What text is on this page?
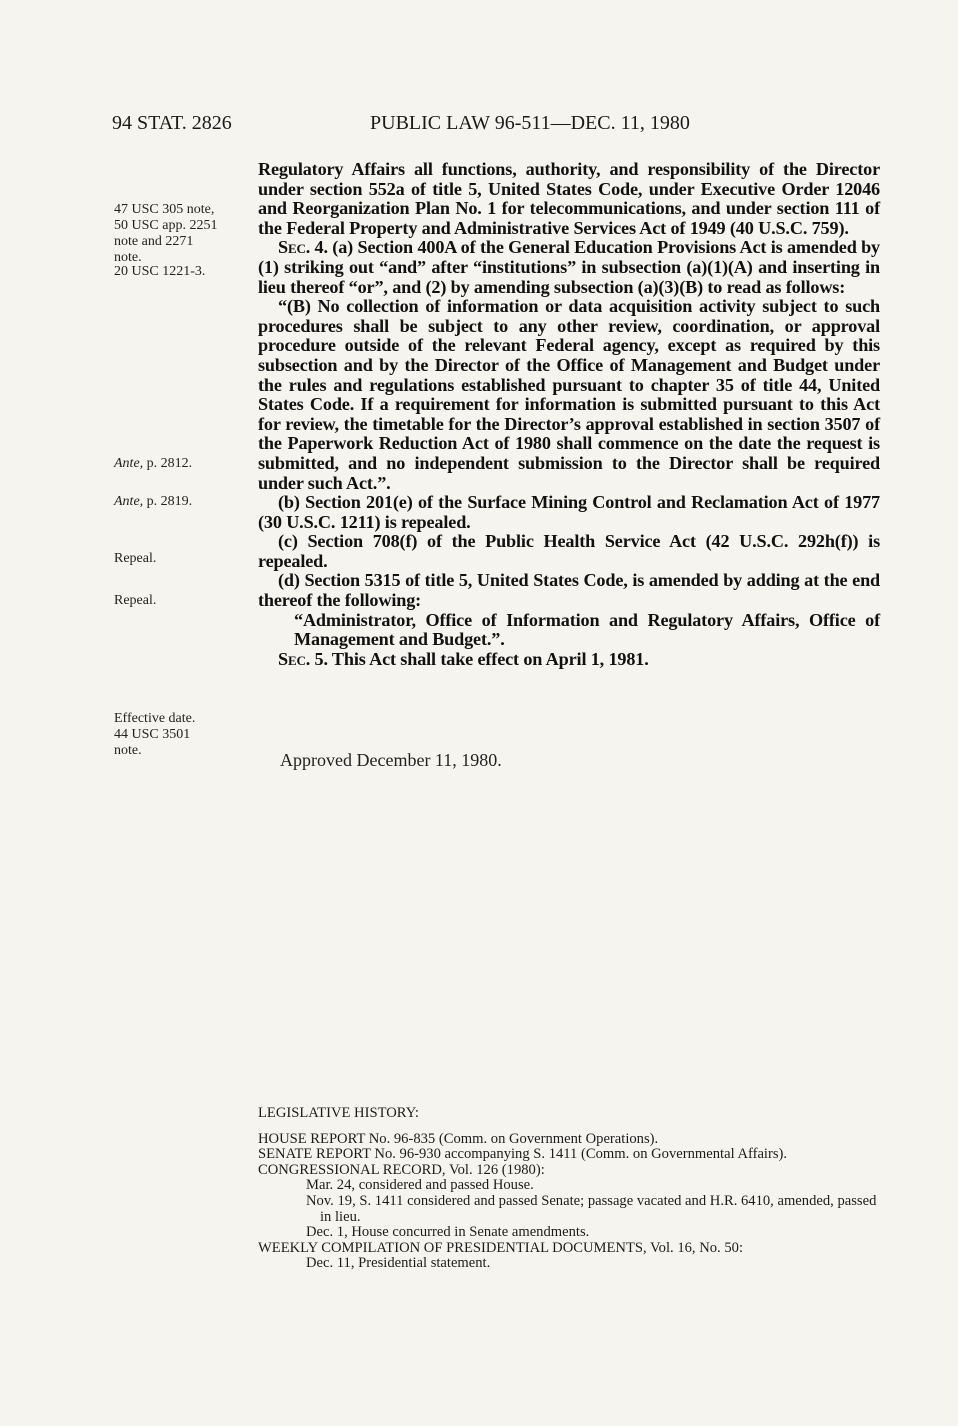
94 STAT. 2826	PUBLIC LAW 96-511—DEC. 11, 1980
47 USC 305 note,
50 USC app. 2251
note and 2271
note.
20 USC 1221-3.
Ante, p. 2812.
Ante, p. 2819.
Repeal.
Repeal.
Effective date.
44 USC 3501
note.

Regulatory Affairs all functions, authority, and responsibility of the Director under section 552a of title 5, United States Code, under Executive Order 12046 and Reorganization Plan No. 1 for telecommunications, and under section 111 of the Federal Property and Administrative Services Act of 1949 (40 U.S.C. 759).

Sec. 4. (a) Section 400A of the General Education Provisions Act is amended by (1) striking out “and” after “institutions” in subsection (a)(1)(A) and inserting in lieu thereof “or”, and (2) by amending subsection (a)(3)(B) to read as follows:

“(B) No collection of information or data acquisition activity subject to such procedures shall be subject to any other review, coordination, or approval procedure outside of the relevant Federal agency, except as required by this subsection and by the Director of the Office of Management and Budget under the rules and regulations established pursuant to chapter 35 of title 44, United States Code. If a requirement for information is submitted pursuant to this Act for review, the timetable for the Director’s approval established in section 3507 of the Paperwork Reduction Act of 1980 shall commence on the date the request is submitted, and no independent submission to the Director shall be required under such Act.”.

(b) Section 201(e) of the Surface Mining Control and Reclamation Act of 1977 (30 U.S.C. 1211) is repealed.

(c) Section 708(f) of the Public Health Service Act (42 U.S.C. 292h(f)) is repealed.

(d) Section 5315 of title 5, United States Code, is amended by adding at the end thereof the following:

“Administrator, Office of Information and Regulatory Affairs, Office of Management and Budget.”.

Sec. 5. This Act shall take effect on April 1, 1981.

Approved December 11, 1980.

LEGISLATIVE HISTORY:

HOUSE REPORT No. 96-835 (Comm. on Government Operations).

SENATE REPORT No. 96-930 accompanying S. 1411 (Comm. on Governmental Affairs).

CONGRESSIONAL RECORD, Vol. 126 (1980):

Mar. 24, considered and passed House.

Nov. 19, S. 1411 considered and passed Senate; passage vacated and H.R. 6410, amended, passed in lieu.

Dec. 1, House concurred in Senate amendments.

WEEKLY COMPILATION OF PRESIDENTIAL DOCUMENTS, Vol. 16, No. 50:

Dec. 11, Presidential statement.
